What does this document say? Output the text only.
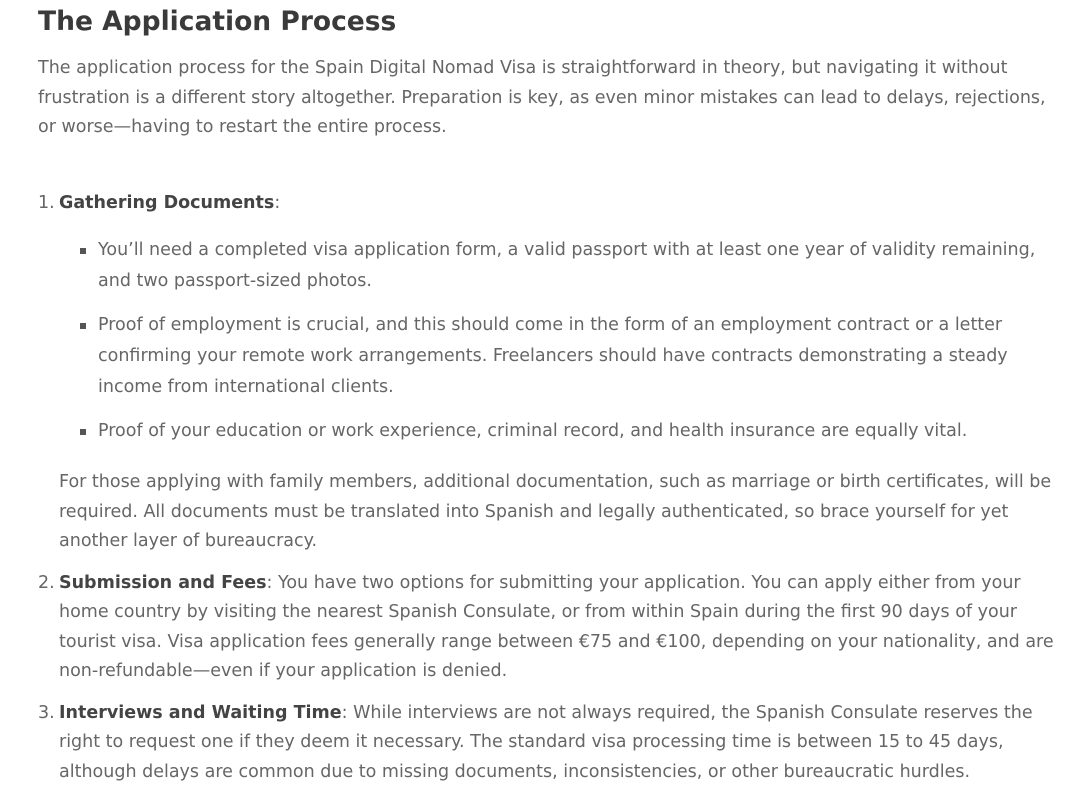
The Application Process

The application process for the Spain Digital Nomad Visa is straightforward in theory, but navigating it without frustration is a different story altogether. Preparation is key, as even minor mistakes can lead to delays, rejections, or worse—having to restart the entire process.

1. Gathering Documents:
You’ll need a completed visa application form, a valid passport with at least one year of validity remaining, and two passport-sized photos.
Proof of employment is crucial, and this should come in the form of an employment contract or a letter confirming your remote work arrangements. Freelancers should have contracts demonstrating a steady income from international clients.
Proof of your education or work experience, criminal record, and health insurance are equally vital.

For those applying with family members, additional documentation, such as marriage or birth certificates, will be required. All documents must be translated into Spanish and legally authenticated, so brace yourself for yet another layer of bureaucracy.

2. Submission and Fees: You have two options for submitting your application. You can apply either from your home country by visiting the nearest Spanish Consulate, or from within Spain during the first 90 days of your tourist visa. Visa application fees generally range between €75 and €100, depending on your nationality, and are non-refundable—even if your application is denied.
3. Interviews and Waiting Time: While interviews are not always required, the Spanish Consulate reserves the right to request one if they deem it necessary. The standard visa processing time is between 15 to 45 days, although delays are common due to missing documents, inconsistencies, or other bureaucratic hurdles.
